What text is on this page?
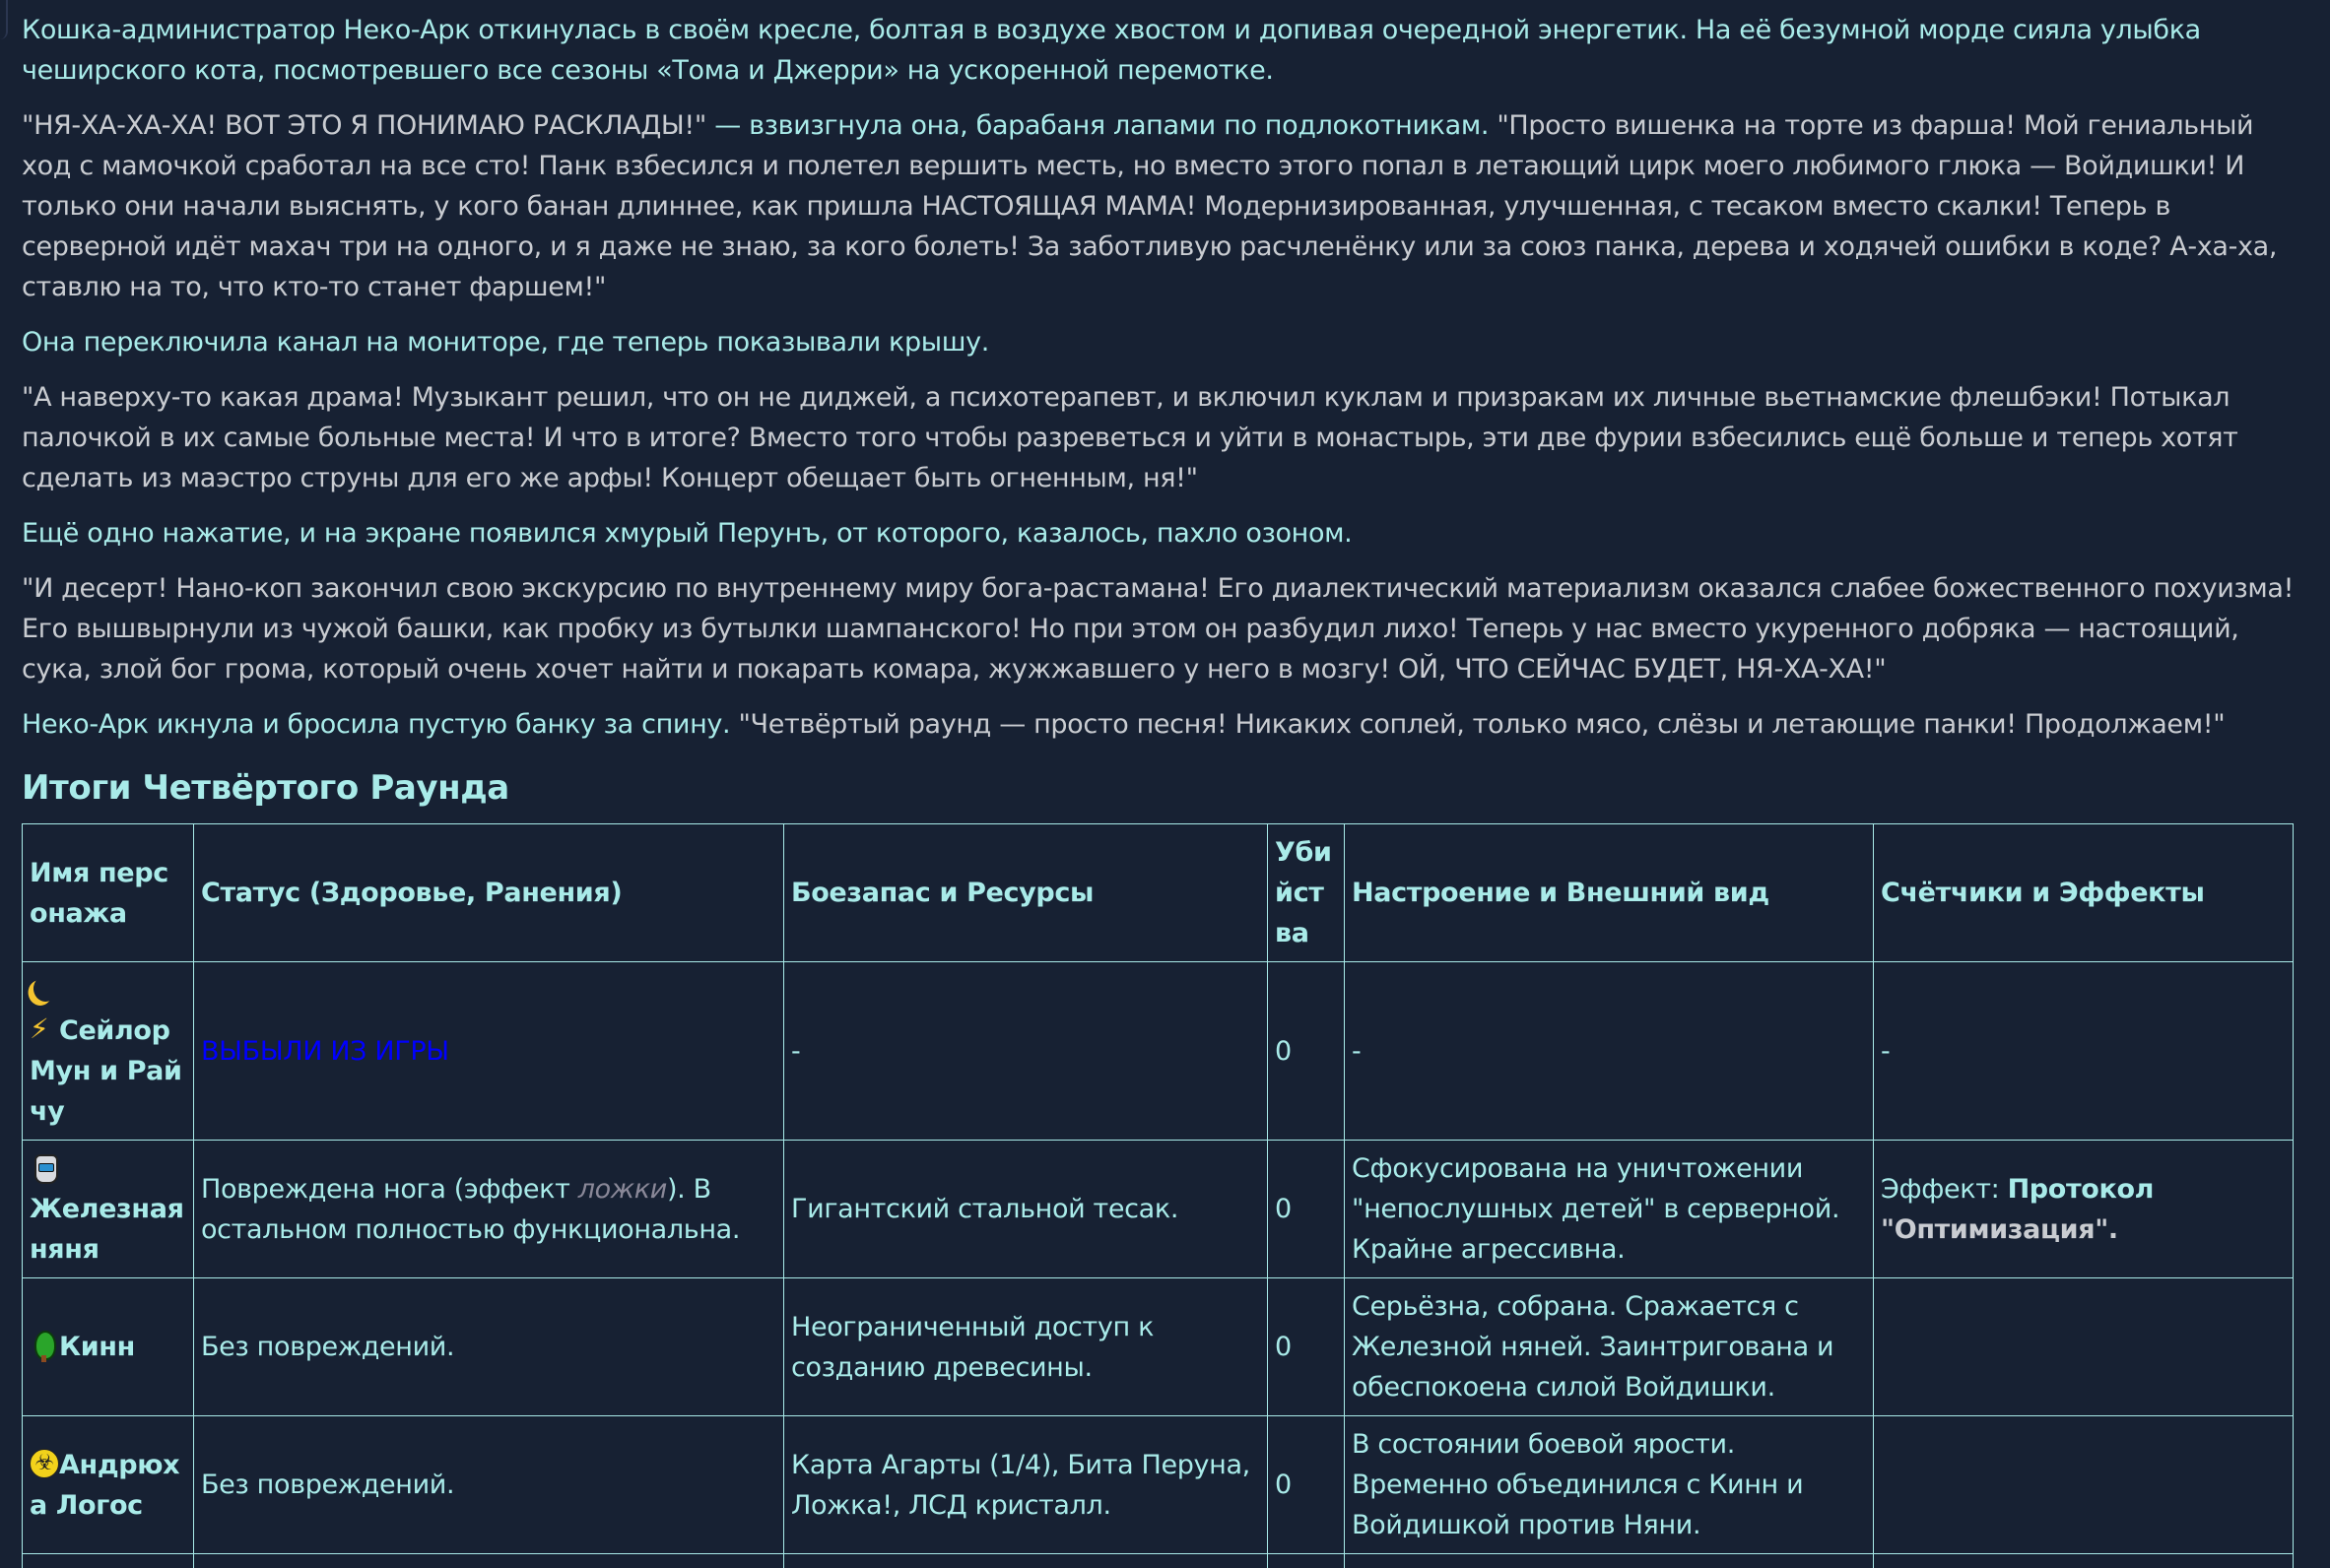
Кошка-администратор Неко-Арк откинулась в своём кресле, болтая в воздухе хвостом и допивая очередной энергетик. На её безумной морде сияла улыбка чеширского кота, посмотревшего все сезоны «Тома и Джерри» на ускоренной перемотке.

"НЯ-ХА-ХА-ХА! ВОТ ЭТО Я ПОНИМАЮ РАСКЛАДЫ!" — взвизгнула она, барабаня лапами по подлокотникам. "Просто вишенка на торте из фарша! Мой гениальный ход с мамочкой сработал на все сто! Панк взбесился и полетел вершить месть, но вместо этого попал в летающий цирк моего любимого глюка — Войдишки! И только они начали выяснять, у кого банан длиннее, как пришла НАСТОЯЩАЯ МАМА! Модернизированная, улучшенная, с тесаком вместо скалки! Теперь в серверной идёт махач три на одного, и я даже не знаю, за кого болеть! За заботливую расчленёнку или за союз панка, дерева и ходячей ошибки в коде? А-ха-ха, ставлю на то, что кто-то станет фаршем!"

Она переключила канал на мониторе, где теперь показывали крышу.

"А наверху-то какая драма! Музыкант решил, что он не диджей, а психотерапевт, и включил куклам и призракам их личные вьетнамские флешбэки! Потыкал палочкой в их самые больные места! И что в итоге? Вместо того чтобы разреветься и уйти в монастырь, эти две фурии взбесились ещё больше и теперь хотят сделать из маэстро струны для его же арфы! Концерт обещает быть огненным, ня!"

Ещё одно нажатие, и на экране появился хмурый Перунъ, от которого, казалось, пахло озоном.

"И десерт! Нано-коп закончил свою экскурсию по внутреннему миру бога-растамана! Его диалектический материализм оказался слабее божественного похуизма! Его вышвырнули из чужой башки, как пробку из бутылки шампанского! Но при этом он разбудил лихо! Теперь у нас вместо укуренного добряка — настоящий, сука, злой бог грома, который очень хочет найти и покарать комара, жужжавшего у него в мозгу! ОЙ, ЧТО СЕЙЧАС БУДЕТ, НЯ-ХА-ХА!"

Неко-Арк икнула и бросила пустую банку за спину. "Четвёртый раунд — просто песня! Никаких соплей, только мясо, слёзы и летающие панки! Продолжаем!"

Итоги Четвёртого Раунда
Имя персонажа	Статус (Здоровье, Ранения)	Боезапас и Ресурсы	Убийства	Настроение и Внешний вид	Счётчики и Эффекты

⚡Сейлор Мун и Райчу	ВЫБЫЛИ ИЗ ИГРЫ	-	0	-	-

Железная няня	Повреждена нога (эффект ложки). В остальном полностью функциональна.	Гигантский стальной тесак.	0	Сфокусирована на уничтожении "непослушных детей" в серверной. Крайне агрессивна.	Эффект: Протокол "Оптимизация".
Кинн	Без повреждений.	Неограниченный доступ к созданию древесины.	0	Серьёзна, собрана. Сражается с Железной няней. Заинтригована и обеспокоена силой Войдишки.	
☣Андрюха Логос	Без повреждений.	Карта Агарты (1/4), Бита Перуна, Ложка!, ЛСД кристалл.	0	В состоянии боевой ярости. Временно объединился с Кинн и Войдишкой против Няни.	
⚔					
